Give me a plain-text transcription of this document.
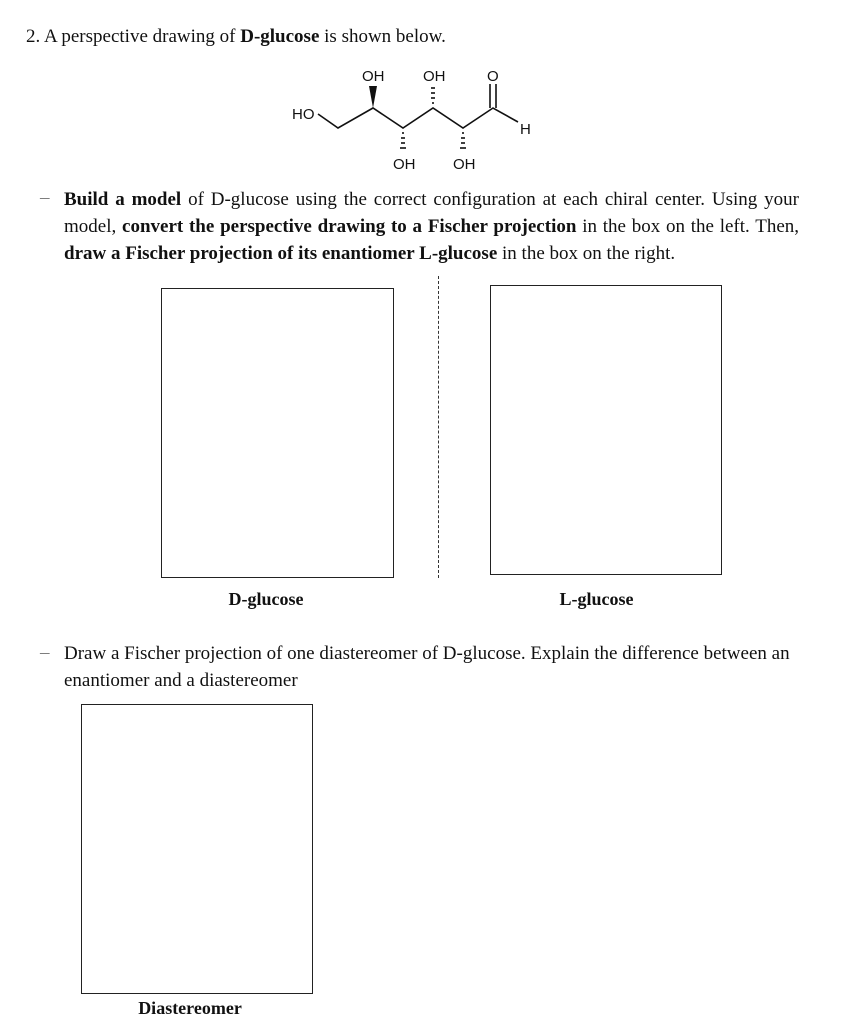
2. A perspective drawing of D-glucose is shown below.
HO
OH	OH	O
H
OH	OH
– Build a model of D-glucose using the correct configuration at each chiral center. Using your model, convert the perspective drawing to a Fischer projection in the box on the left. Then, draw a Fischer projection of its enantiomer L-glucose in the box on the right.
D-glucose	L-glucose
– Draw a Fischer projection of one diastereomer of D-glucose. Explain the difference between an enantiomer and a diastereomer
Diastereomer
